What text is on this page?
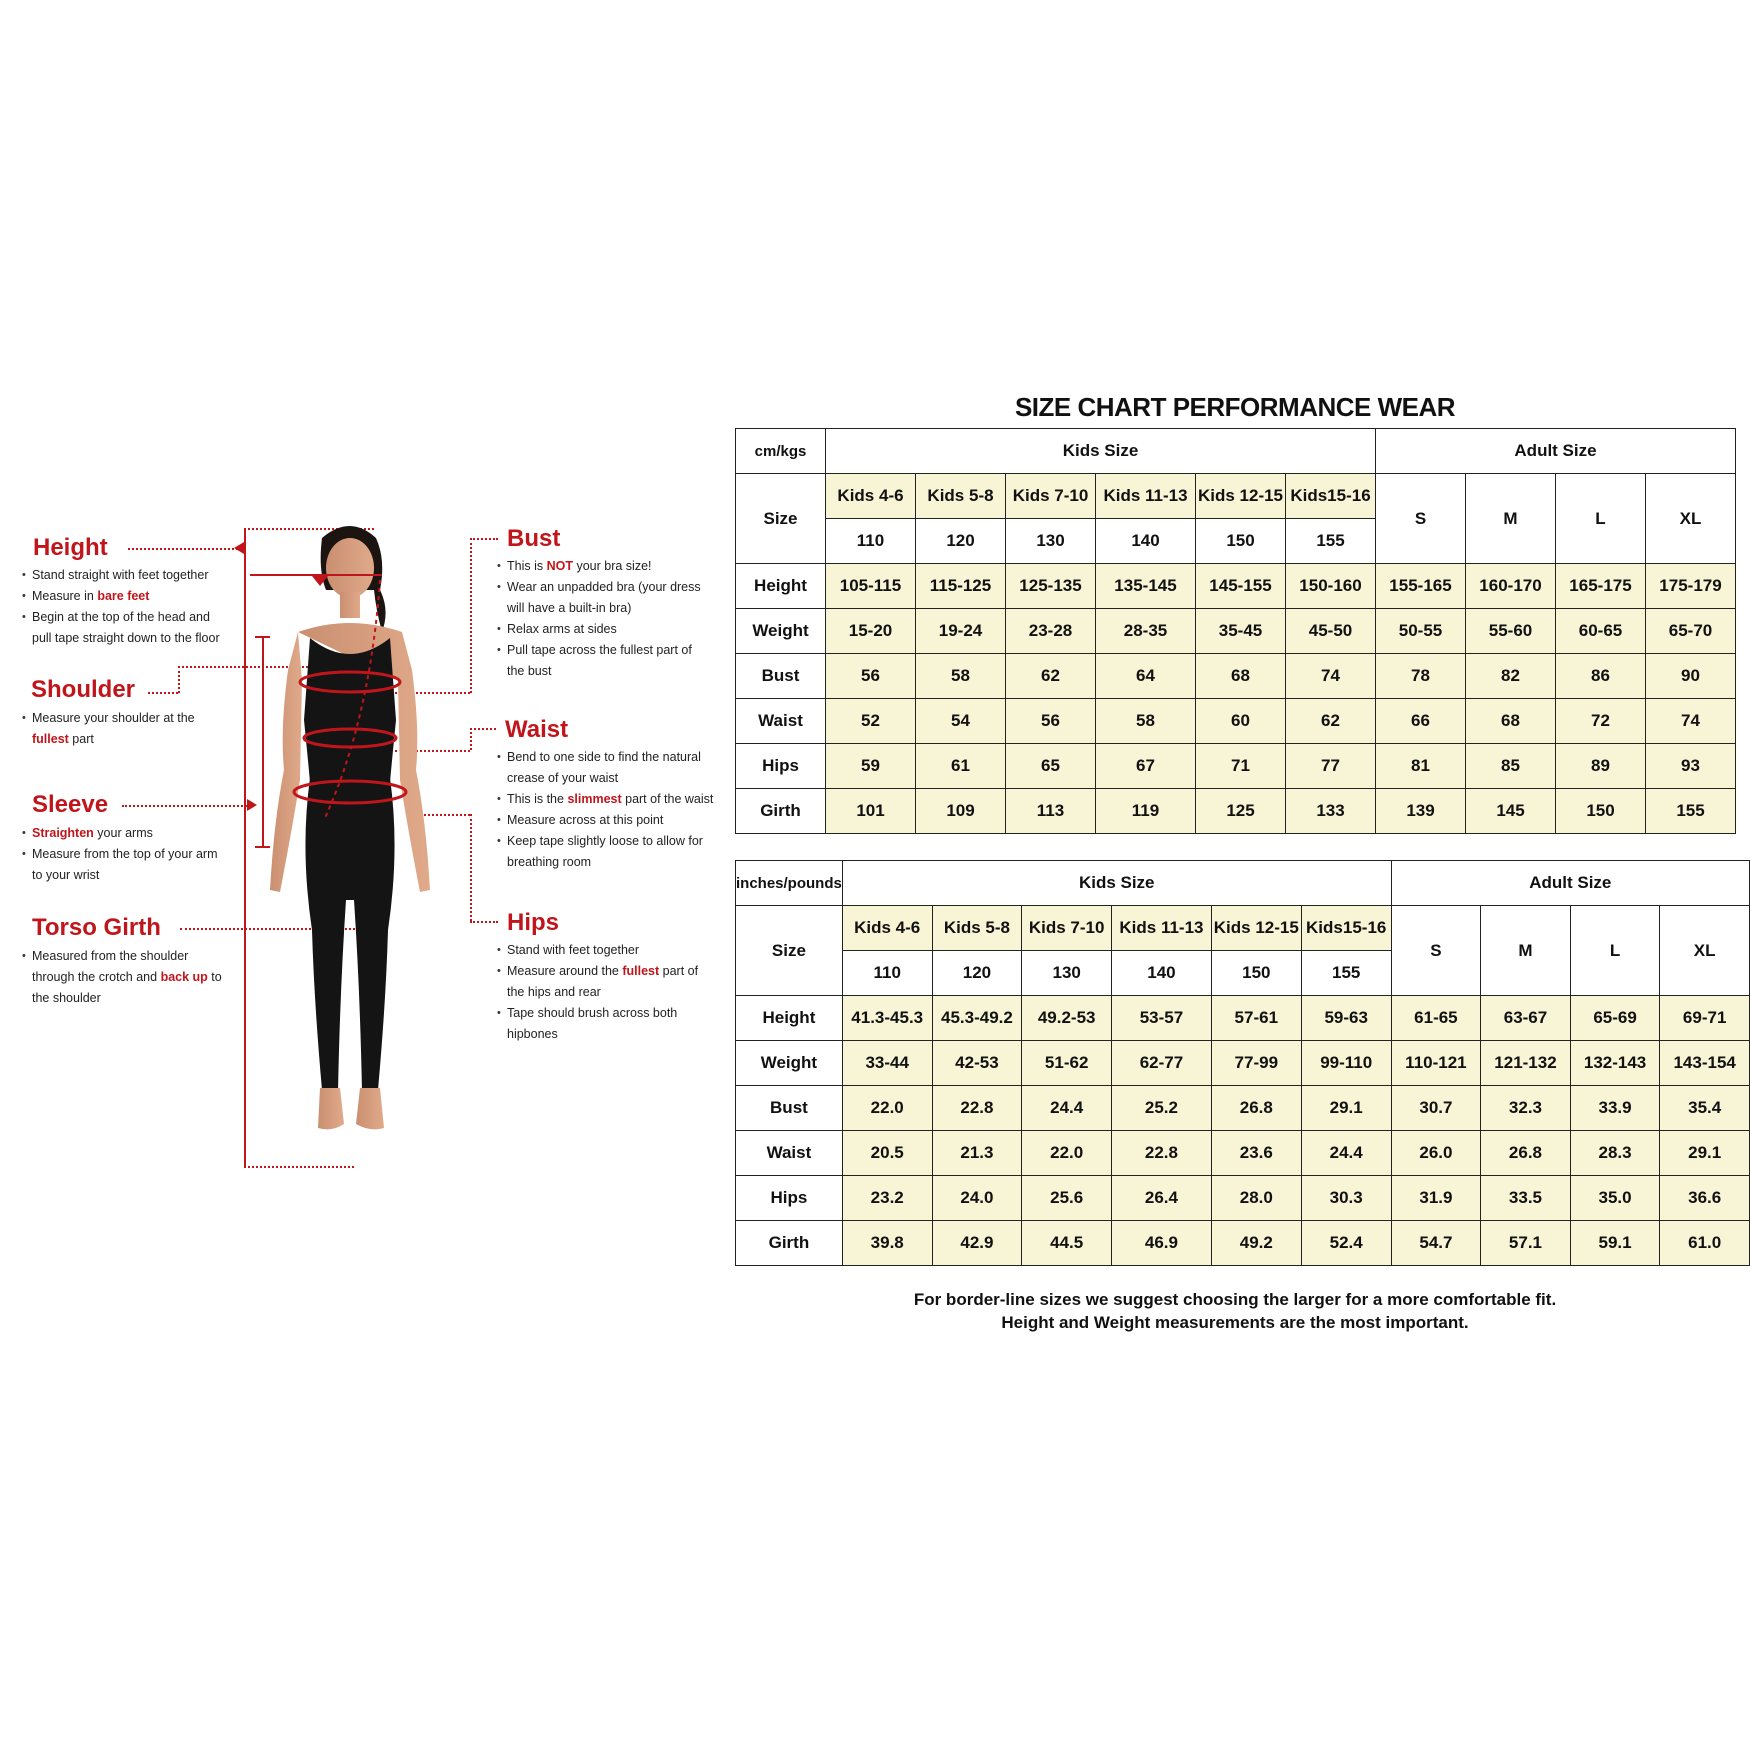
Height
• Stand straight with feet together
• Measure in bare feet
• Begin at the top of the head and pull tape straight down to the floor
Shoulder
• Measure your shoulder at the fullest part
Sleeve
• Straighten your arms
• Measure from the top of your arm to your wrist
Torso Girth
• Measured from the shoulder through the crotch and back up to the shoulder
Bust
• This is NOT your bra size!
• Wear an unpadded bra (your dress will have a built-in bra)
• Relax arms at sides
• Pull tape across the fullest part of the bust
Waist
• Bend to one side to find the natural crease of your waist
• This is the slimmest part of the waist
• Measure across at this point
• Keep tape slightly loose to allow for breathing room
Hips
• Stand with feet together
• Measure around the fullest part of the hips and rear
• Tape should brush across both hipbones
SIZE CHART PERFORMANCE WEAR
cm/kgs	Kids Size						Adult Size			
Size	Kids 4-6	Kids 5-8	Kids 7-10	Kids 11-13	Kids 12-15	Kids15-16	S	M	L	XL
	110	120	130	140	150	155				
Height	105-115	115-125	125-135	135-145	145-155	150-160	155-165	160-170	165-175	175-179
Weight	15-20	19-24	23-28	28-35	35-45	45-50	50-55	55-60	60-65	65-70
Bust	56	58	62	64	68	74	78	82	86	90
Waist	52	54	56	58	60	62	66	68	72	74
Hips	59	61	65	67	71	77	81	85	89	93
Girth	101	109	113	119	125	133	139	145	150	155
inches/pounds	Kids Size						Adult Size			
Size	Kids 4-6	Kids 5-8	Kids 7-10	Kids 11-13	Kids 12-15	Kids15-16	S	M	L	XL
	110	120	130	140	150	155				
Height	41.3-45.3	45.3-49.2	49.2-53	53-57	57-61	59-63	61-65	63-67	65-69	69-71
Weight	33-44	42-53	51-62	62-77	77-99	99-110	110-121	121-132	132-143	143-154
Bust	22.0	22.8	24.4	25.2	26.8	29.1	30.7	32.3	33.9	35.4
Waist	20.5	21.3	22.0	22.8	23.6	24.4	26.0	26.8	28.3	29.1
Hips	23.2	24.0	25.6	26.4	28.0	30.3	31.9	33.5	35.0	36.6
Girth	39.8	42.9	44.5	46.9	49.2	52.4	54.7	57.1	59.1	61.0
For border-line sizes we suggest choosing the larger for a more comfortable fit.
Height and Weight measurements are the most important.
